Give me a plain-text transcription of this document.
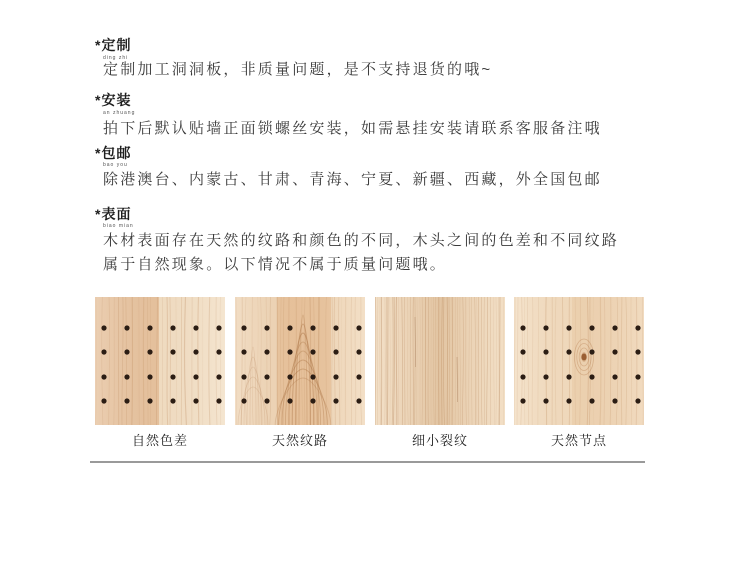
*定制
ding zhi
定制加工洞洞板，非质量问题，是不支持退货的哦~
*安装
an zhuang
拍下后默认贴墙正面锁螺丝安装，如需悬挂安装请联系客服备注哦
*包邮
bao you
除港澳台、内蒙古、甘肃、青海、宁夏、新疆、西藏，外全国包邮
*表面
biao mian
木材表面存在天然的纹路和颜色的不同，木头之间的色差和不同纹路
属于自然现象。以下情况不属于质量问题哦。
自然色差	天然纹路	细小裂纹	天然节点
